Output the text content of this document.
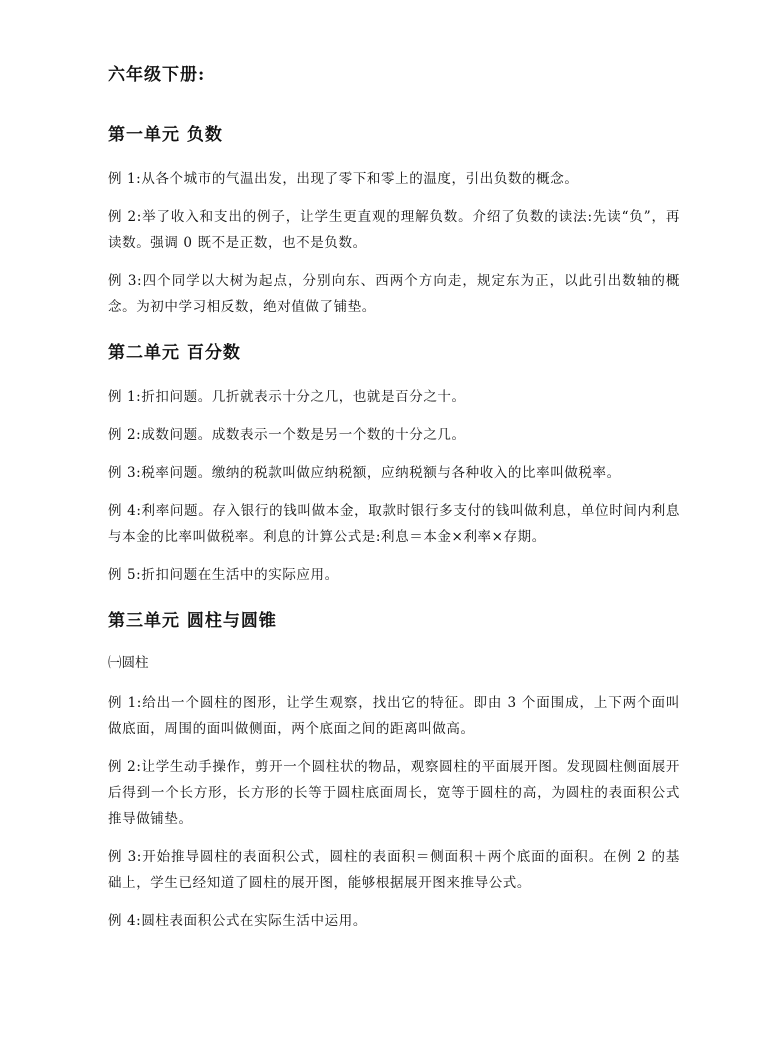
六年级下册:
第一单元 负数

例 1:从各个城市的气温出发，出现了零下和零上的温度，引出负数的概念。

例 2:举了收入和支出的例子，让学生更直观的理解负数。介绍了负数的读法:先读“负”，再读数。强调 0 既不是正数，也不是负数。

例 3:四个同学以大树为起点，分别向东、西两个方向走，规定东为正，以此引出数轴的概念。为初中学习相反数，绝对值做了铺垫。

第二单元 百分数

例 1:折扣问题。几折就表示十分之几，也就是百分之十。

例 2:成数问题。成数表示一个数是另一个数的十分之几。

例 3:税率问题。缴纳的税款叫做应纳税额，应纳税额与各种收入的比率叫做税率。

例 4:利率问题。存入银行的钱叫做本金，取款时银行多支付的钱叫做利息，单位时间内利息与本金的比率叫做税率。利息的计算公式是:利息＝本金×利率×存期。

例 5:折扣问题在生活中的实际应用。

第三单元 圆柱与圆锥
㈠圆柱

例 1:给出一个圆柱的图形，让学生观察，找出它的特征。即由 3 个面围成，上下两个面叫做底面，周围的面叫做侧面，两个底面之间的距离叫做高。

例 2:让学生动手操作，剪开一个圆柱状的物品，观察圆柱的平面展开图。发现圆柱侧面展开后得到一个长方形，长方形的长等于圆柱底面周长，宽等于圆柱的高，为圆柱的表面积公式推导做铺垫。

例 3:开始推导圆柱的表面积公式，圆柱的表面积＝侧面积＋两个底面的面积。在例 2 的基础上，学生已经知道了圆柱的展开图，能够根据展开图来推导公式。

例 4:圆柱表面积公式在实际生活中运用。
